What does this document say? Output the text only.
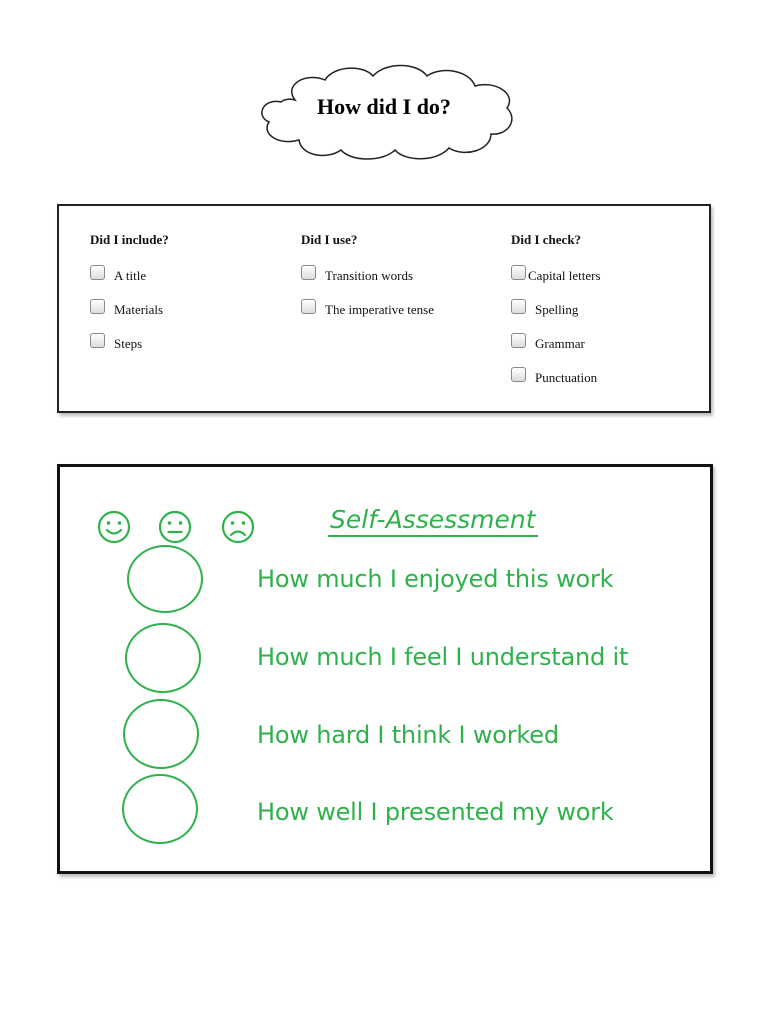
How did I do?
Did I include?
A title
Materials
Steps
Did I use?
Transition words
The imperative tense
Did I check?
Capital letters
Spelling
Grammar
Punctuation
Self-Assessment
How much I enjoyed this work
How much I feel I understand it
How hard I think I worked
How well I presented my work
